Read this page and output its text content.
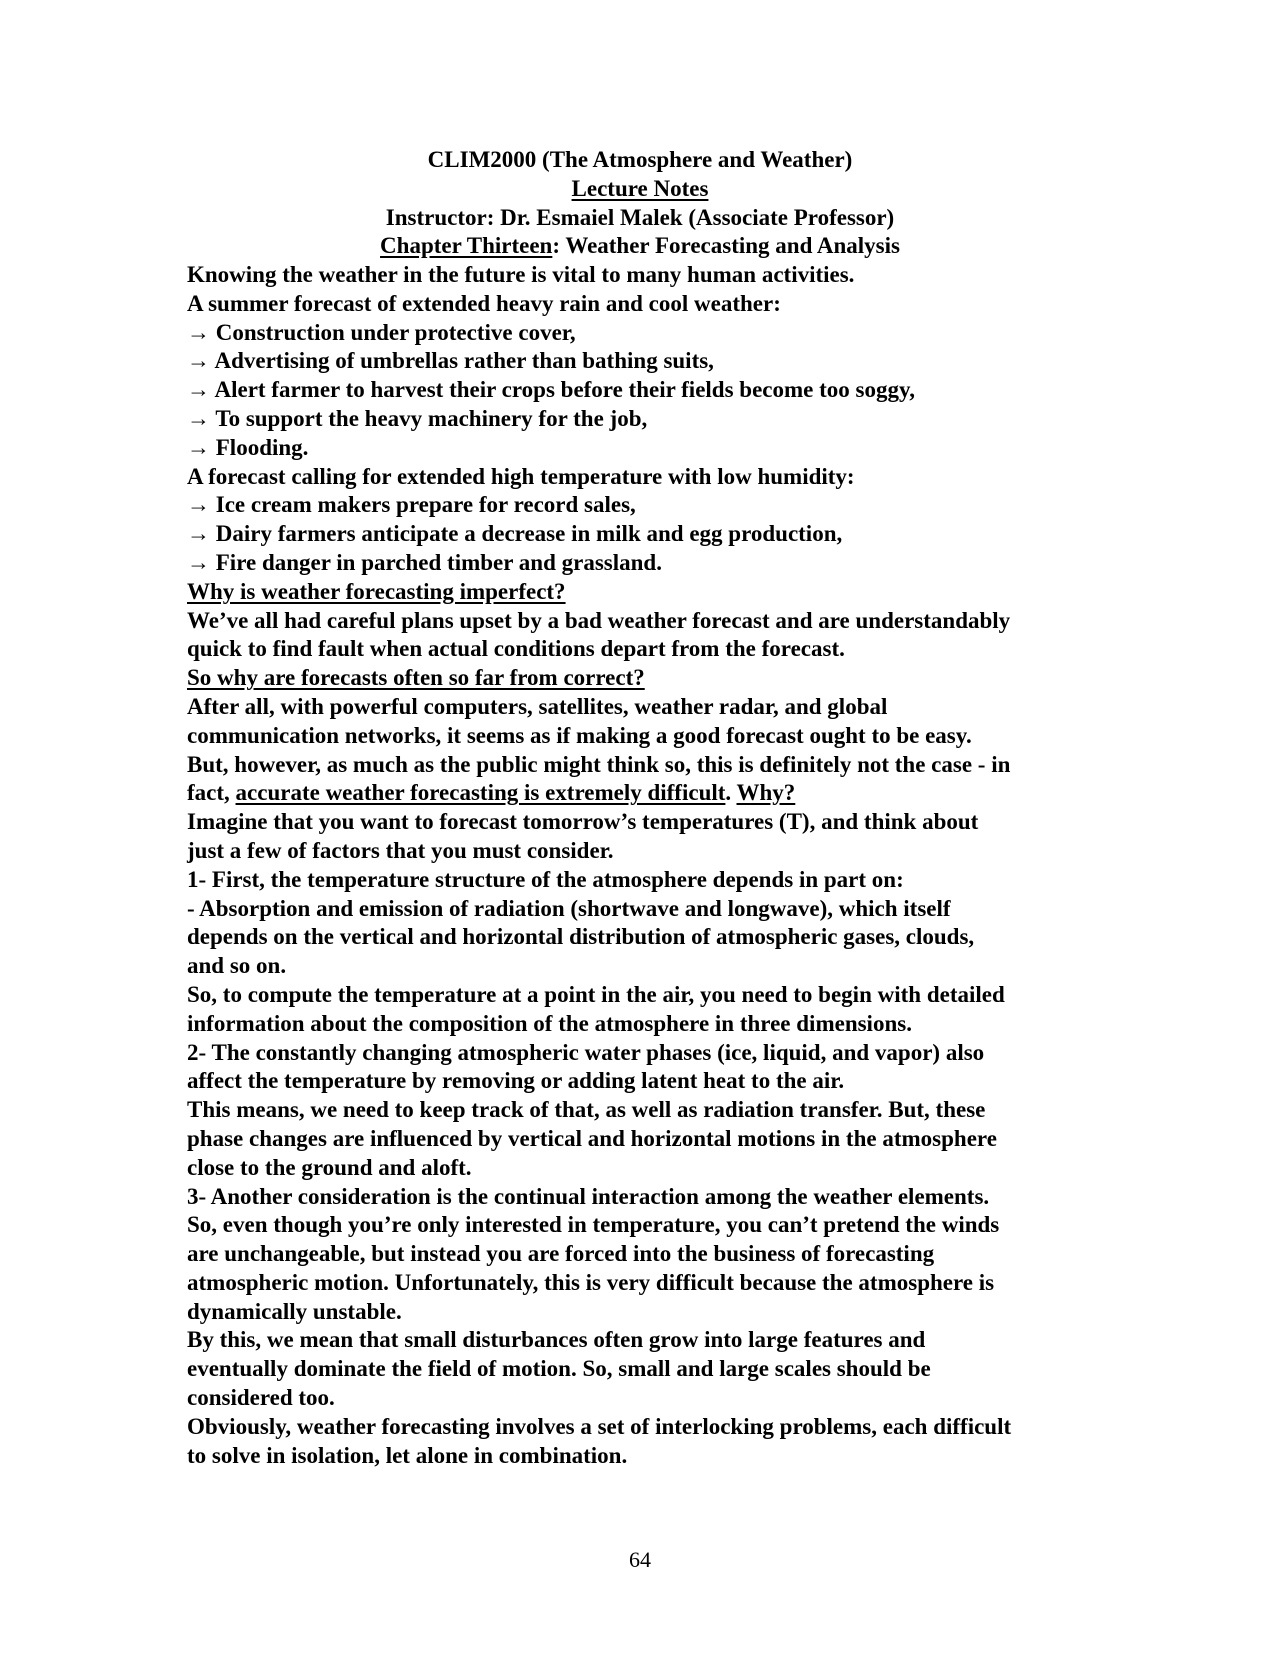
CLIM2000 (The Atmosphere and Weather)

Lecture Notes

Instructor: Dr. Esmaiel Malek (Associate Professor)

Chapter Thirteen: Weather Forecasting and Analysis

Knowing the weather in the future is vital to many human activities.

A summer forecast of extended heavy rain and cool weather:

→ Construction under protective cover,

→ Advertising of umbrellas rather than bathing suits,

→ Alert farmer to harvest their crops before their fields become too soggy,

→ To support the heavy machinery for the job,

→ Flooding.

A forecast calling for extended high temperature with low humidity:

→ Ice cream makers prepare for record sales,

→ Dairy farmers anticipate a decrease in milk and egg production,

→ Fire danger in parched timber and grassland.

Why is weather forecasting imperfect?

We’ve all had careful plans upset by a bad weather forecast and are understandably

quick to find fault when actual conditions depart from the forecast.

So why are forecasts often so far from correct?

After all, with powerful computers, satellites, weather radar, and global

communication networks, it seems as if making a good forecast ought to be easy.

But, however, as much as the public might think so, this is definitely not the case - in

fact, accurate weather forecasting is extremely difficult. Why?

Imagine that you want to forecast tomorrow’s temperatures (T), and think about

just a few of factors that you must consider.

1- First, the temperature structure of the atmosphere depends in part on:

- Absorption and emission of radiation (shortwave and longwave), which itself

depends on the vertical and horizontal distribution of atmospheric gases, clouds,

and so on.

So, to compute the temperature at a point in the air, you need to begin with detailed

information about the composition of the atmosphere in three dimensions.

2- The constantly changing atmospheric water phases (ice, liquid, and vapor) also

affect the temperature by removing or adding latent heat to the air.

This means, we need to keep track of that, as well as radiation transfer. But, these

phase changes are influenced by vertical and horizontal motions in the atmosphere

close to the ground and aloft.

3- Another consideration is the continual interaction among the weather elements.

So, even though you’re only interested in temperature, you can’t pretend the winds

are unchangeable, but instead you are forced into the business of forecasting

atmospheric motion. Unfortunately, this is very difficult because the atmosphere is

dynamically unstable.

By this, we mean that small disturbances often grow into large features and

eventually dominate the field of motion. So, small and large scales should be

considered too.

Obviously, weather forecasting involves a set of interlocking problems, each difficult

to solve in isolation, let alone in combination.

64
